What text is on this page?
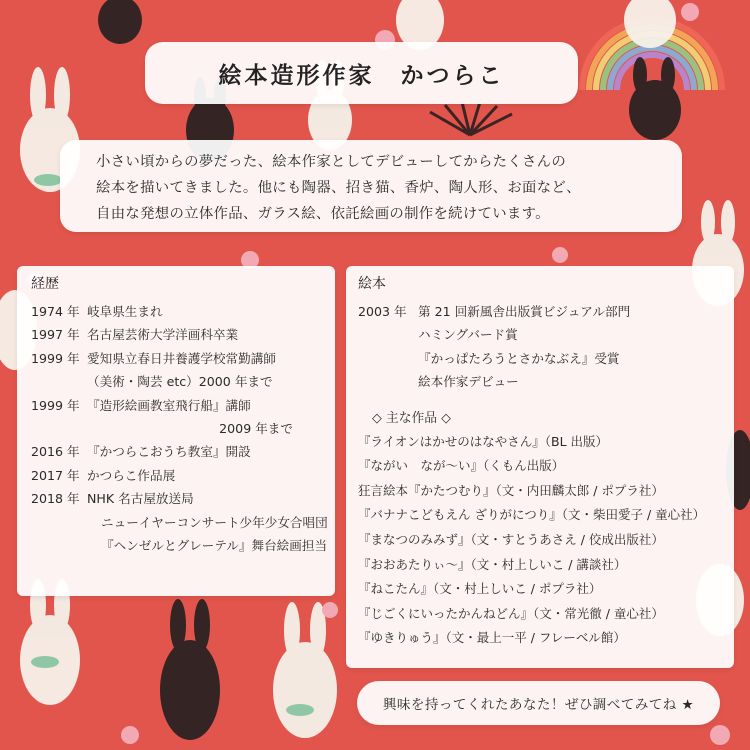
絵本造形作家　かつらこ
小さい頃からの夢だった、絵本作家としてデビューしてからたくさんの
絵本を描いてきました。他にも陶器、招き猫、香炉、陶人形、お面など、
自由な発想の立体作品、ガラス絵、依託絵画の制作を続けています。
経歴
1974 年 岐阜県生まれ
1997 年 名古屋芸術大学洋画科卒業
1999 年 愛知県立春日井養護学校常勤講師
（美術・陶芸 etc）2000 年まで
1999 年 『造形絵画教室飛行船』講師
2009 年まで
2016 年 『かつらこおうち教室』開設
2017 年 かつらこ作品展
2018 年 NHK 名古屋放送局
ニューイヤーコンサート少年少女合唱団
『ヘンゼルとグレーテル』舞台絵画担当
絵本
2003 年 第 21 回新風舎出版賞ビジュアル部門
ハミングバード賞
『かっぱたろうとさかなぶえ』受賞
絵本作家デビュー
◇ 主な作品 ◇
『ライオンはかせのはなやさん』（BL 出版）
『ながい　なが〜い』（くもん出版）
狂言絵本『かたつむり』（文・内田麟太郎 / ポプラ社）
『バナナこどもえん ざりがにつり』（文・柴田愛子 / 童心社）
『まなつのみみず』（文・すとうあさえ / 佼成出版社）
『おおあたりぃ〜』（文・村上しいこ / 講談社）
『ねこたん』（文・村上しいこ / ポプラ社）
『じごくにいったかんねどん』（文・常光徹 / 童心社）
『ゆきりゅう』（文・最上一平 / フレーベル館）
興味を持ってくれたあなた！ぜひ調べてみてね ★
